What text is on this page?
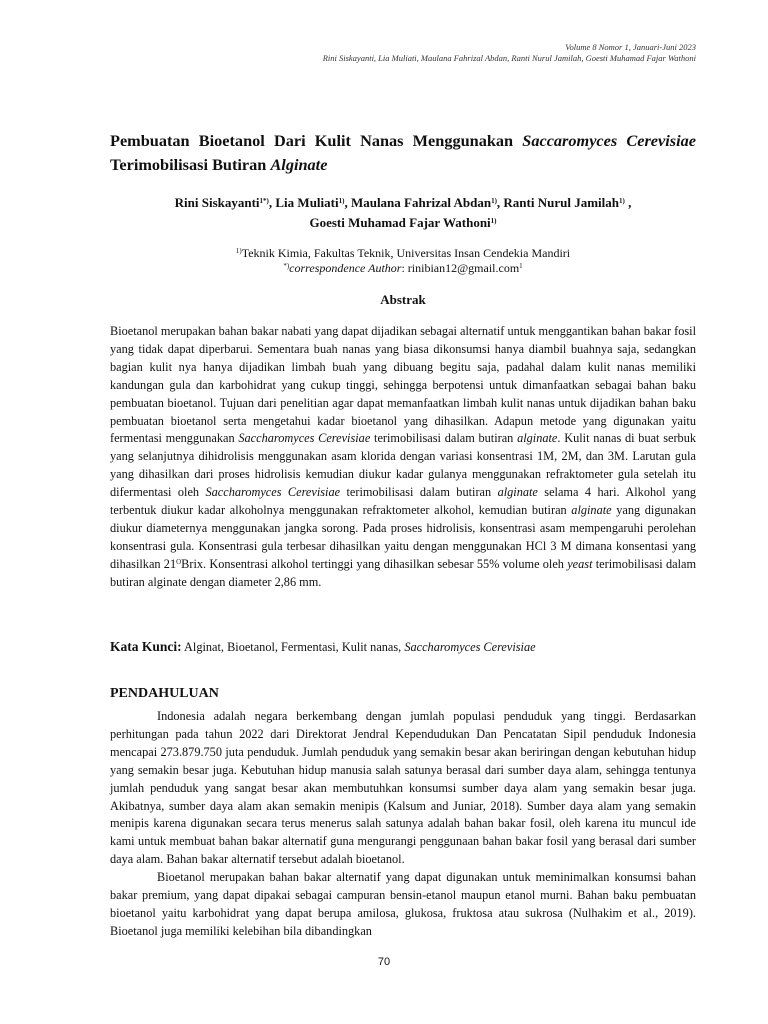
Volume 8 Nomor 1, Januari-Juni 2023
Rini Siskayanti, Lia Muliati, Maulana Fahrizal Abdan, Ranti Nurul Jamilah, Goesti Muhamad Fajar Wathoni
Pembuatan Bioetanol Dari Kulit Nanas Menggunakan Saccaromyces Cerevisiae Terimobilisasi Butiran Alginate
Rini Siskayanti$^{1*)}$, Lia Muliati$^{1)}$, Maulana Fahrizal Abdan$^{1)}$, Ranti Nurul Jamilah$^{1)}$ ,
Goesti Muhamad Fajar Wathoni$^{1)}$
$^{1)}$Teknik Kimia, Fakultas Teknik, Universitas Insan Cendekia Mandiri
*)correspondence Author: rinibian12@gmail.com$^1$
Abstrak
Bioetanol merupakan bahan bakar nabati yang dapat dijadikan sebagai alternatif untuk menggantikan bahan bakar fosil yang tidak dapat diperbarui. Sementara buah nanas yang biasa dikonsumsi hanya diambil buahnya saja, sedangkan bagian kulit nya hanya dijadikan limbah buah yang dibuang begitu saja, padahal dalam kulit nanas memiliki kandungan gula dan karbohidrat yang cukup tinggi, sehingga berpotensi untuk dimanfaatkan sebagai bahan baku pembuatan bioetanol. Tujuan dari penelitian agar dapat memanfaatkan limbah kulit nanas untuk dijadikan bahan baku pembuatan bioetanol serta mengetahui kadar bioetanol yang dihasilkan. Adapun metode yang digunakan yaitu fermentasi menggunakan Saccharomyces Cerevisiae terimobilisasi dalam butiran alginate. Kulit nanas di buat serbuk yang selanjutnya dihidrolisis menggunakan asam klorida dengan variasi konsentrasi 1M, 2M, dan 3M. Larutan gula yang dihasilkan dari proses hidrolisis kemudian diukur kadar gulanya menggunakan refraktometer gula setelah itu difermentasi oleh Saccharomyces Cerevisiae terimobilisasi dalam butiran alginate selama 4 hari. Alkohol yang terbentuk diukur kadar alkoholnya menggunakan refraktometer alkohol, kemudian butiran alginate yang digunakan diukur diameternya menggunakan jangka sorong. Pada proses hidrolisis, konsentrasi asam mempengaruhi perolehan konsentrasi gula. Konsentrasi gula terbesar dihasilkan yaitu dengan menggunakan HCl 3 M dimana konsentasi yang dihasilkan $21^OBrix$. Konsentrasi alkohol tertinggi yang dihasilkan sebesar 55% volume oleh yeast terimobilisasi dalam butiran alginate dengan diameter 2,86 mm.
Kata Kunci: Alginat, Bioetanol, Fermentasi, Kulit nanas, Saccharomyces Cerevisiae
PENDAHULUAN

Indonesia adalah negara berkembang dengan jumlah populasi penduduk yang tinggi. Berdasarkan perhitungan pada tahun 2022 dari Direktorat Jendral Kependudukan Dan Pencatatan Sipil penduduk Indonesia mencapai 273.879.750 juta penduduk. Jumlah penduduk yang semakin besar akan beriringan dengan kebutuhan hidup yang semakin besar juga. Kebutuhan hidup manusia salah satunya berasal dari sumber daya alam, sehingga tentunya jumlah penduduk yang sangat besar akan membutuhkan konsumsi sumber daya alam yang semakin besar juga. Akibatnya, sumber daya alam akan semakin menipis (Kalsum and Juniar, 2018). Sumber daya alam yang semakin menipis karena digunakan secara terus menerus salah satunya adalah bahan bakar fosil, oleh karena itu muncul ide kami untuk membuat bahan bakar alternatif guna mengurangi penggunaan bahan bakar fosil yang berasal dari sumber daya alam. Bahan bakar alternatif tersebut adalah bioetanol.

Bioetanol merupakan bahan bakar alternatif yang dapat digunakan untuk meminimalkan konsumsi bahan bakar premium, yang dapat dipakai sebagai campuran bensin-etanol maupun etanol murni. Bahan baku pembuatan bioetanol yaitu karbohidrat yang dapat berupa amilosa, glukosa, fruktosa atau sukrosa (Nulhakim et al., 2019). Bioetanol juga memiliki kelebihan bila dibandingkan

70
